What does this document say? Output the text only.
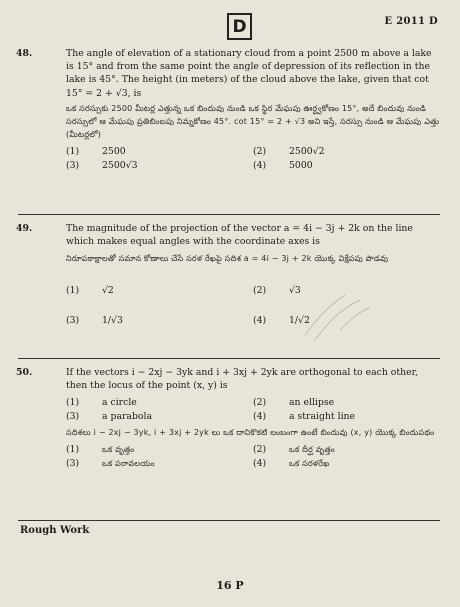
D	E 2011 D
48.	The angle of elevation of a stationary cloud from a point 2500 m above a lake is 15° and from the same point the angle of depression of its reflection in the lake is 45°. The height (in meters) of the cloud above the lake, given that cot 15° = 2 + √3, is
ఒక సరస్సుకు 2500 మీటర్ల ఎత్తున్న ఒక బిందువు నుండి ఒక స్థిర మేఘపు ఊర్ధ్వకోణం 15°, అదే బిందువు నుండి సరస్సులో ఆ మేఘపు ప్రతిబింబపు నిమ్నకోణం 45°. cot 15° = 2 + √3 అని ఇస్తే, సరస్సు నుండి ఆ మేఘపు ఎత్తు (మీటర్లలో)
(1)	2500	(2)	2500√2
(3)	2500√3	(4)	5000
49.	The magnitude of the projection of the vector a = 4i − 3j + 2k on the line which makes equal angles with the coordinate axes is
నిరూపకాక్షాలతో సమాన కోణాలు చేసే సరళ రేఖపై సదిశ a = 4i − 3j + 2k యొక్క విక్షేపపు పొడవు
(1)	√2	(2)	√3
(3)	1/√3	(4)	1/√2
50.	If the vectors i − 2xj − 3yk and i + 3xj + 2yk are orthogonal to each other, then the locus of the point (x, y) is
(1)	a circle	(2)	an ellipse
(3)	a parabola	(4)	a straight line
సదిశలు i − 2xj − 3yk, i + 3xj + 2yk లు ఒక దానికొకటి లంబంగా ఉంటే బిందువు (x, y) యొక్క బిందుపథం
(1)	ఒక వృత్తం	(2)	ఒక దీర్ఘ వృత్తం
(3)	ఒక పరావలయం	(4)	ఒక సరళరేఖ
Rough Work
16 P
